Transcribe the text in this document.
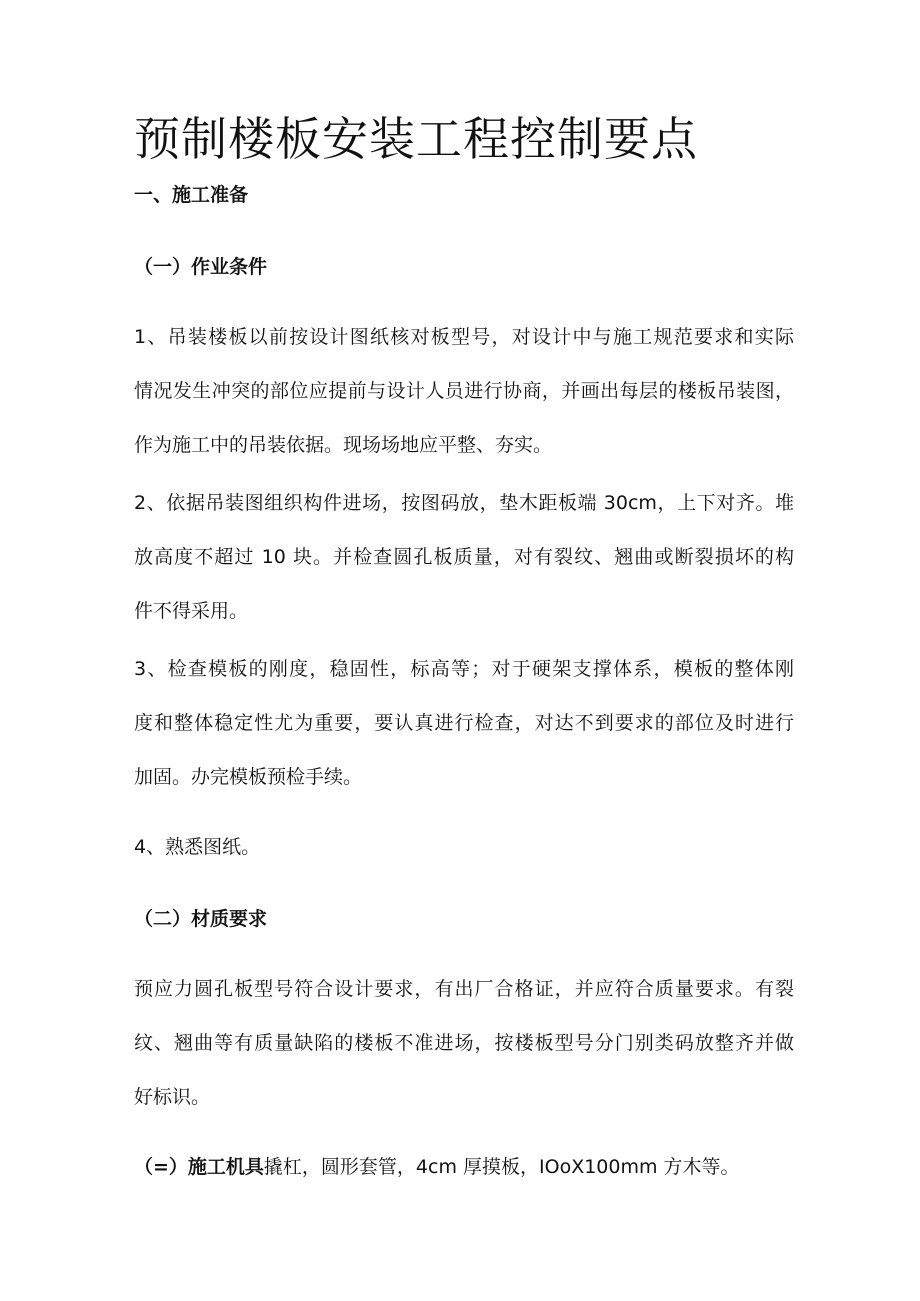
预制楼板安装工程控制要点
一、施工准备
（一）作业条件
1、吊装楼板以前按设计图纸核对板型号，对设计中与施工规范要求和实际
情况发生冲突的部位应提前与设计人员进行协商，并画出每层的楼板吊装图，
作为施工中的吊装依据。现场场地应平整、夯实。
2、依据吊装图组织构件进场，按图码放，垫木距板端 30cm，上下对齐。堆
放高度不超过 10 块。并检查圆孔板质量，对有裂纹、翘曲或断裂损坏的构
件不得采用。
3、检查模板的刚度，稳固性，标高等；对于硬架支撑体系，模板的整体刚
度和整体稳定性尤为重要，要认真进行检查，对达不到要求的部位及时进行
加固。办完模板预检手续。
4、熟悉图纸。
（二）材质要求
预应力圆孔板型号符合设计要求，有出厂合格证，并应符合质量要求。有裂
纹、翘曲等有质量缺陷的楼板不准进场，按楼板型号分门别类码放整齐并做
好标识。

（=）施工机具撬杠，圆形套管，4cm 厚摸板，IOoX100mm 方木等。
